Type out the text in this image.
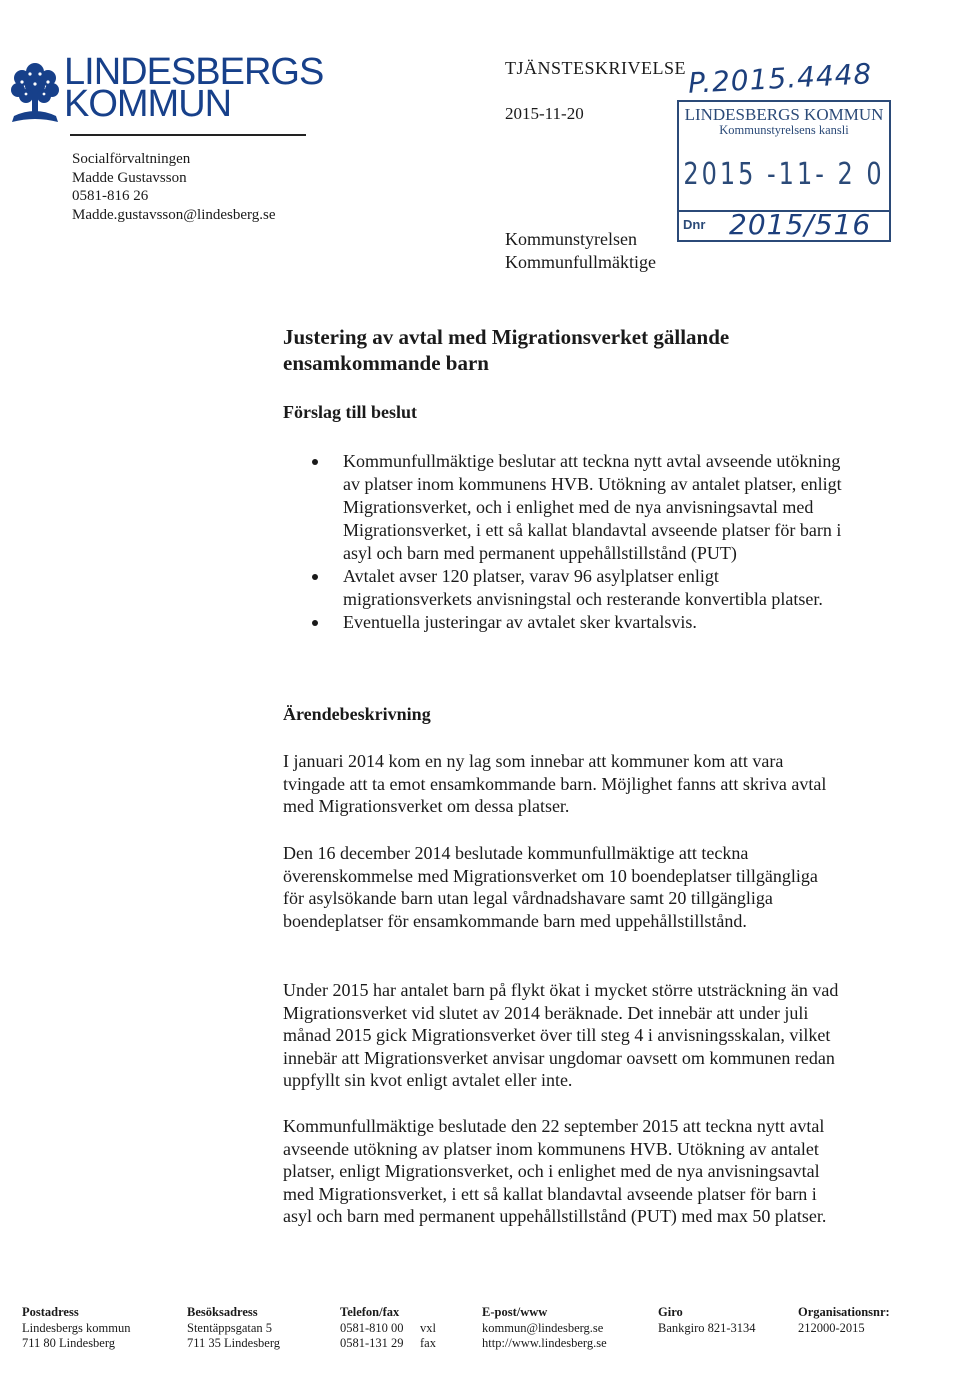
LINDESBERGS
KOMMUN
Socialförvaltningen
Madde Gustavsson
0581-816 26
Madde.gustavsson@lindesberg.se
TJÄNSTESKRIVELSE
2015-11-20
Kommunstyrelsen
Kommunfullmäktige
P.2015.4448
LINDESBERGS KOMMUN
Kommunstyrelsens kansli
2015 -11- 2 0
Dnr 2015/516
Justering av avtal med Migrationsverket gällande ensamkommande barn
Förslag till beslut
Kommunfullmäktige beslutar att teckna nytt avtal avseende utökning av platser inom kommunens HVB. Utökning av antalet platser, enligt Migrationsverket, och i enlighet med de nya anvisningsavtal med Migrationsverket, i ett så kallat blandavtal avseende platser för barn i asyl och barn med permanent uppehållstillstånd (PUT)
Avtalet avser 120 platser, varav 96 asylplatser enligt migrationsverkets anvisningstal och resterande konvertibla platser.
Eventuella justeringar av avtalet sker kvartalsvis.
Ärendebeskrivning
I januari 2014 kom en ny lag som innebar att kommuner kom att vara tvingade att ta emot ensamkommande barn. Möjlighet fanns att skriva avtal med Migrationsverket om dessa platser.
Den 16 december 2014 beslutade kommunfullmäktige att teckna överenskommelse med Migrationsverket om 10 boendeplatser tillgängliga för asylsökande barn utan legal vårdnadshavare samt 20 tillgängliga boendeplatser för ensamkommande barn med uppehållstillstånd.
Under 2015 har antalet barn på flykt ökat i mycket större utsträckning än vad Migrationsverket vid slutet av 2014 beräknade. Det innebär att under juli månad 2015 gick Migrationsverket över till steg 4 i anvisningsskalan, vilket innebär att Migrationsverket anvisar ungdomar oavsett om kommunen redan uppfyllt sin kvot enligt avtalet eller inte.
Kommunfullmäktige beslutade den 22 september 2015 att teckna nytt avtal avseende utökning av platser inom kommunens HVB. Utökning av antalet platser, enligt Migrationsverket, och i enlighet med de nya anvisningsavtal med Migrationsverket, i ett så kallat blandavtal avseende platser för barn i asyl och barn med permanent uppehållstillstånd (PUT) med max 50 platser.
Postadress
Lindesbergs kommun
711 80 Lindesberg
Besöksadress
Stentäppsgatan 5
711 35 Lindesberg
Telefon/fax
0581-810 00 vxl
0581-131 29 fax
E-post/www
kommun@lindesberg.se
http://www.lindesberg.se
Giro
Bankgiro 821-3134
Organisationsnr:
212000-2015
